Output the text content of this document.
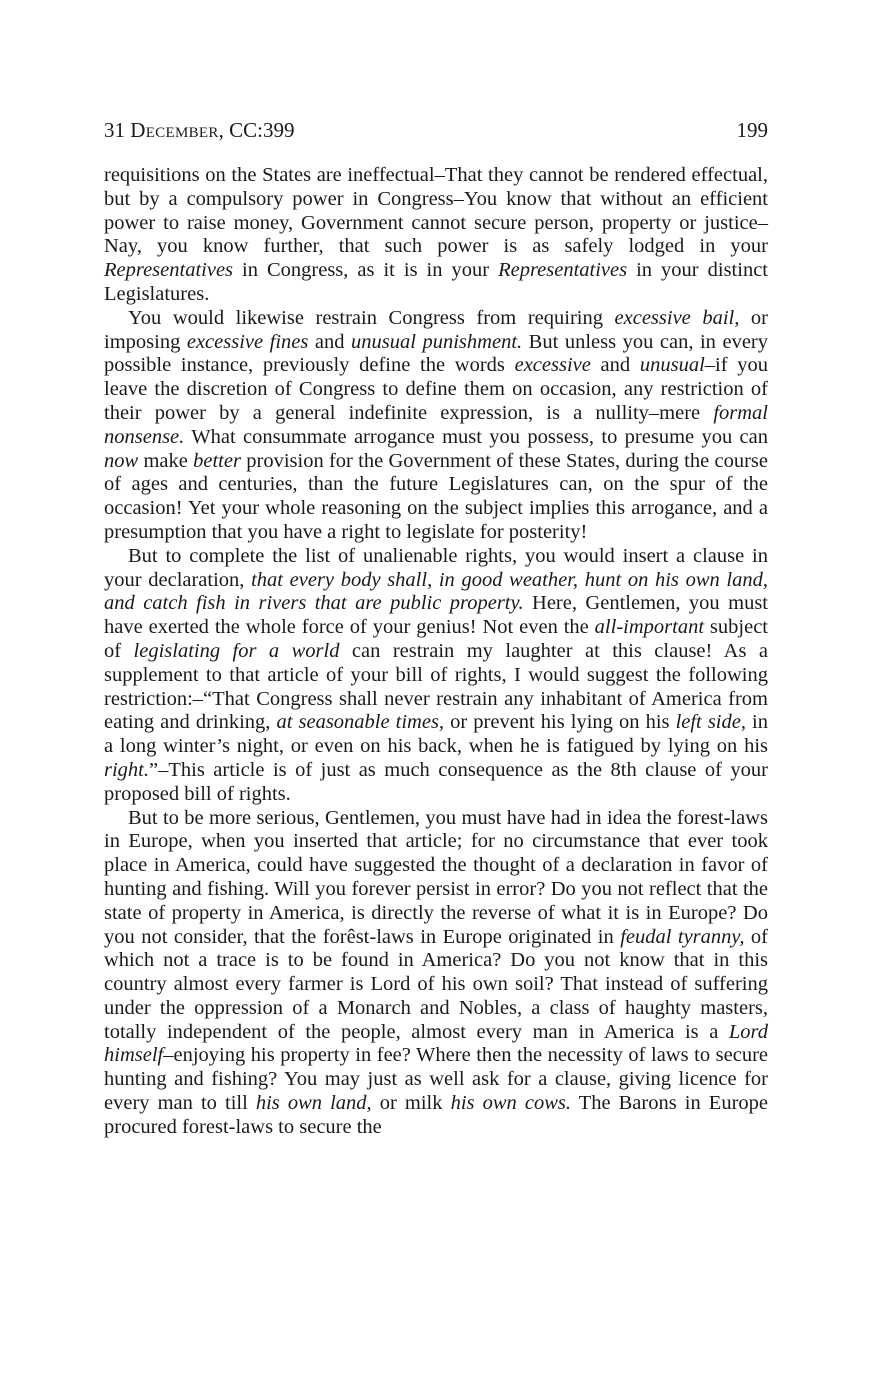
31 December, CC:399	199

requisitions on the States are ineffectual–That they cannot be rendered effectual, but by a compulsory power in Congress–You know that without an efficient power to raise money, Government cannot secure person, property or justice–Nay, you know further, that such power is as safely lodged in your Representatives in Congress, as it is in your Representatives in your distinct Legislatures.

You would likewise restrain Congress from requiring excessive bail, or imposing excessive fines and unusual punishment. But unless you can, in every possible instance, previously define the words excessive and unusual–if you leave the discretion of Congress to define them on occasion, any restriction of their power by a general indefinite expression, is a nullity–mere formal nonsense. What consummate arrogance must you possess, to presume you can now make better provision for the Government of these States, during the course of ages and centuries, than the future Legislatures can, on the spur of the occasion! Yet your whole reasoning on the subject implies this arrogance, and a presumption that you have a right to legislate for posterity!

But to complete the list of unalienable rights, you would insert a clause in your declaration, that every body shall, in good weather, hunt on his own land, and catch fish in rivers that are public property. Here, Gentlemen, you must have exerted the whole force of your genius! Not even the all-important subject of legislating for a world can restrain my laughter at this clause! As a supplement to that article of your bill of rights, I would suggest the following restriction:–“That Congress shall never restrain any inhabitant of America from eating and drinking, at seasonable times, or prevent his lying on his left side, in a long winter’s night, or even on his back, when he is fatigued by lying on his right.”–This article is of just as much consequence as the 8th clause of your proposed bill of rights.

But to be more serious, Gentlemen, you must have had in idea the forest-laws in Europe, when you inserted that article; for no circumstance that ever took place in America, could have suggested the thought of a declaration in favor of hunting and fishing. Will you forever persist in error? Do you not reflect that the state of property in America, is directly the reverse of what it is in Europe? Do you not consider, that the forêst-laws in Europe originated in feudal tyranny, of which not a trace is to be found in America? Do you not know that in this country almost every farmer is Lord of his own soil? That instead of suffering under the oppression of a Monarch and Nobles, a class of haughty masters, totally independent of the people, almost every man in America is a Lord himself–enjoying his property in fee? Where then the necessity of laws to secure hunting and fishing? You may just as well ask for a clause, giving licence for every man to till his own land, or milk his own cows. The Barons in Europe procured forest-laws to secure the
